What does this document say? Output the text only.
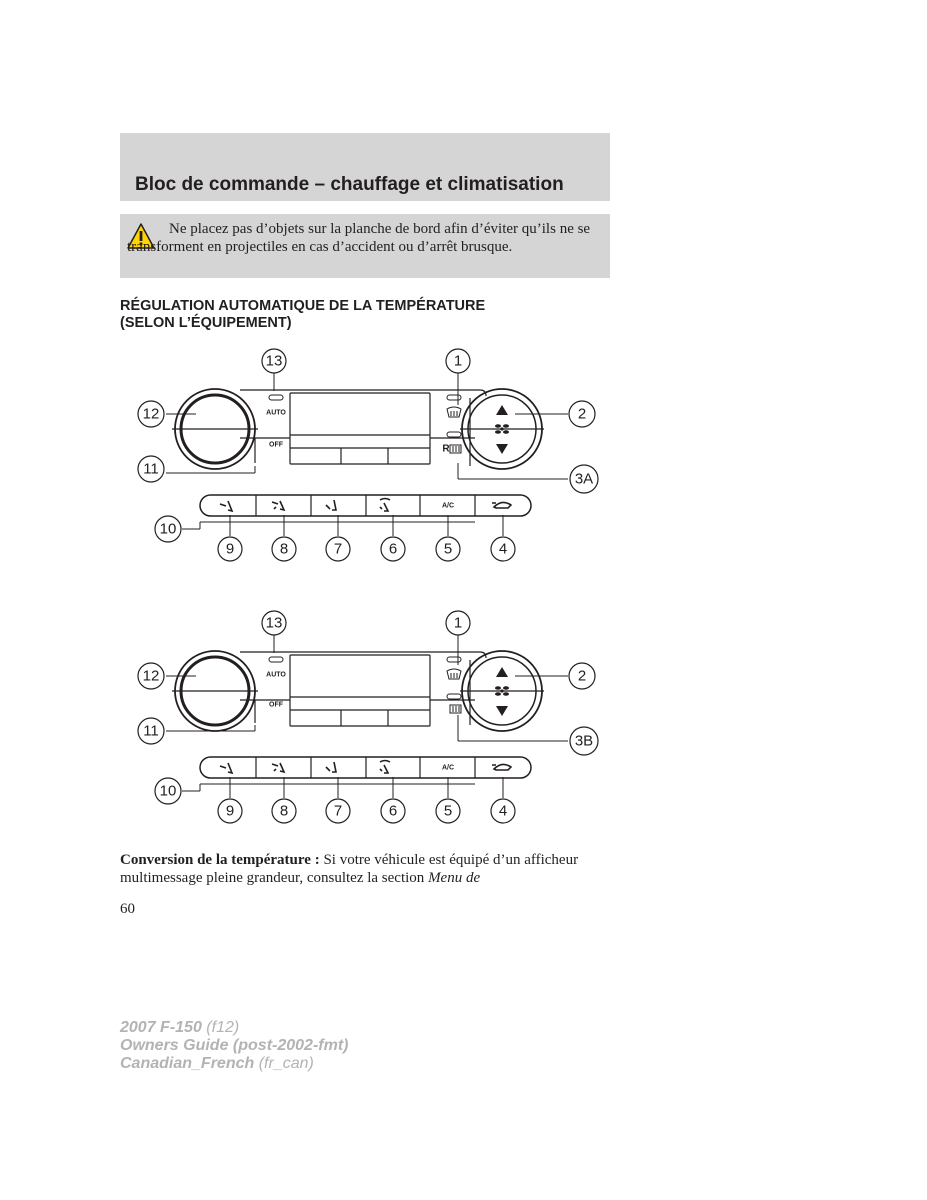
Bloc de commande – chauffage et climatisation

Ne placez pas d’objets sur la planche de bord afin d’éviter qu’ils ne se transforment en projectiles en cas d’accident ou d’arrêt brusque.

RÉGULATION AUTOMATIQUE DE LA TEMPÉRATURE
(SELON L’ÉQUIPEMENT)
13	1
12	2
11
3A
10
9	8	7	6	5	4
AUTO
OFF
A/C
R
13	1
12	2
11
3B
10
9	8	7	6	5	4
AUTO
OFF
A/C

Conversion de la température : Si votre véhicule est équipé d’un afficheur multimessage pleine grandeur, consultez la section Menu de

60

2007 F-150 (f12)
Owners Guide (post-2002-fmt)
Canadian_French (fr_can)
